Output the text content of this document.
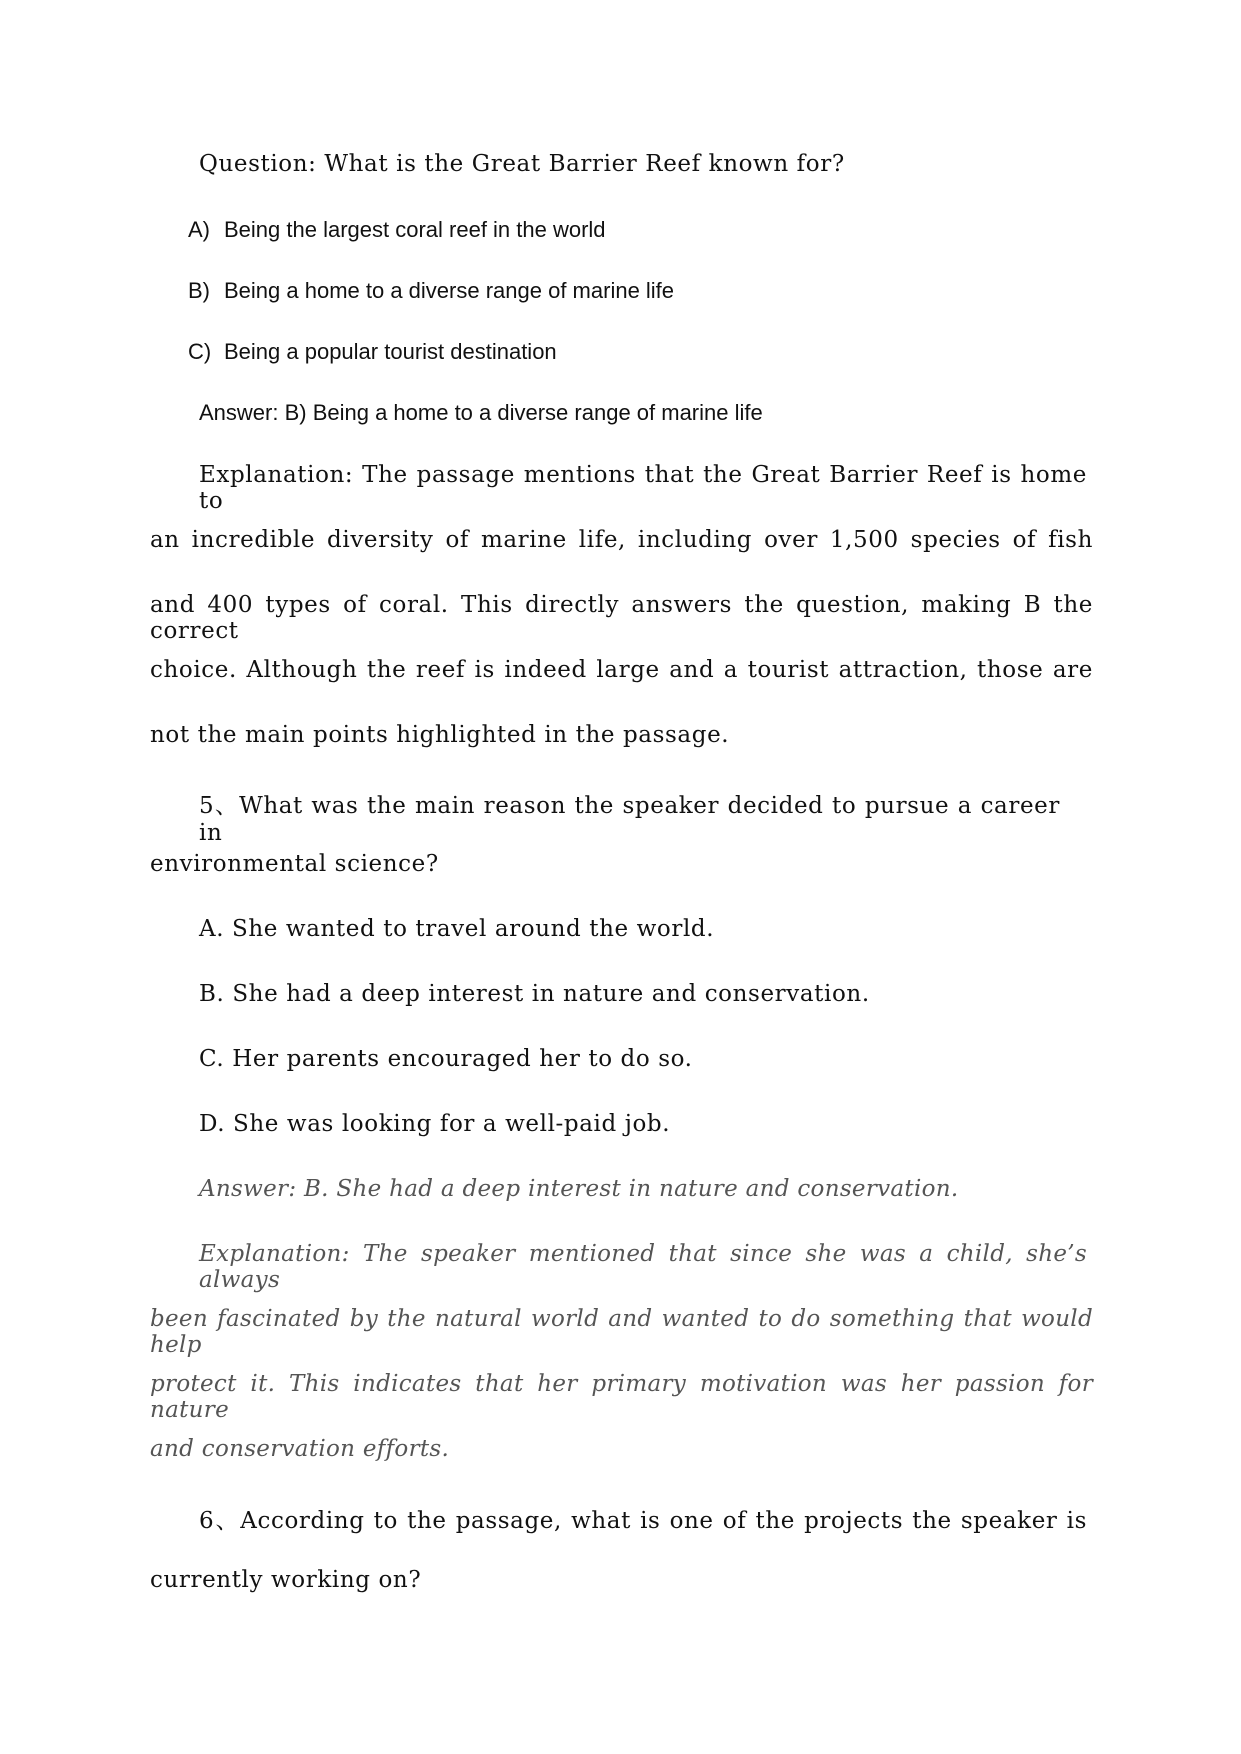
Question: What is the Great Barrier Reef known for?
A) Being the largest coral reef in the world
B) Being a home to a diverse range of marine life
C) Being a popular tourist destination
Answer: B) Being a home to a diverse range of marine life
Explanation: The passage mentions that the Great Barrier Reef is home to
an incredible diversity of marine life, including over 1,500 species of fish
and 400 types of coral. This directly answers the question, making B the correct
choice. Although the reef is indeed large and a tourist attraction, those are
not the main points highlighted in the passage.
5、What was the main reason the speaker decided to pursue a career in
environmental science?
A. She wanted to travel around the world.
B. She had a deep interest in nature and conservation.
C. Her parents encouraged her to do so.
D. She was looking for a well-paid job.
Answer: B. She had a deep interest in nature and conservation.
Explanation: The speaker mentioned that since she was a child, she’s always
been fascinated by the natural world and wanted to do something that would help
protect it. This indicates that her primary motivation was her passion for nature
and conservation efforts.
6、According to the passage, what is one of the projects the speaker is
currently working on?
